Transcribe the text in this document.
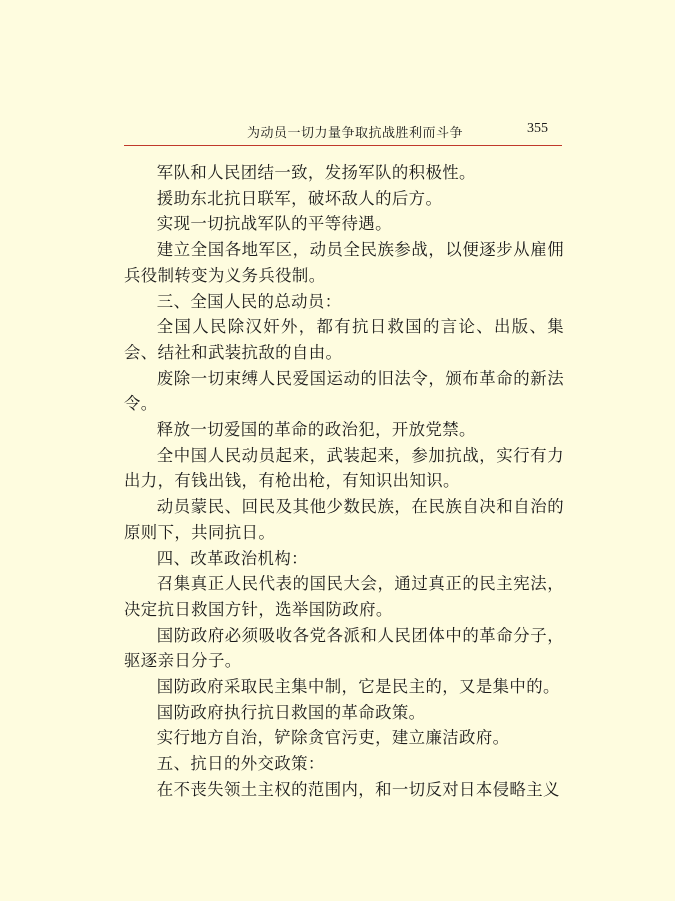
为动员一切力量争取抗战胜利而斗争	355

军队和人民团结一致，发扬军队的积极性。

援助东北抗日联军，破坏敌人的后方。

实现一切抗战军队的平等待遇。

建立全国各地军区，动员全民族参战，以便逐步从雇佣兵役制转变为义务兵役制。

三、全国人民的总动员：

全国人民除汉奸外，都有抗日救国的言论、出版、集会、结社和武装抗敌的自由。

废除一切束缚人民爱国运动的旧法令，颁布革命的新法令。

释放一切爱国的革命的政治犯，开放党禁。

全中国人民动员起来，武装起来，参加抗战，实行有力出力，有钱出钱，有枪出枪，有知识出知识。

动员蒙民、回民及其他少数民族，在民族自决和自治的原则下，共同抗日。

四、改革政治机构：

召集真正人民代表的国民大会，通过真正的民主宪法，决定抗日救国方针，选举国防政府。

国防政府必须吸收各党各派和人民团体中的革命分子，驱逐亲日分子。

国防政府采取民主集中制，它是民主的，又是集中的。

国防政府执行抗日救国的革命政策。

实行地方自治，铲除贪官污吏，建立廉洁政府。

五、抗日的外交政策：

在不丧失领土主权的范围内，和一切反对日本侵略主义
